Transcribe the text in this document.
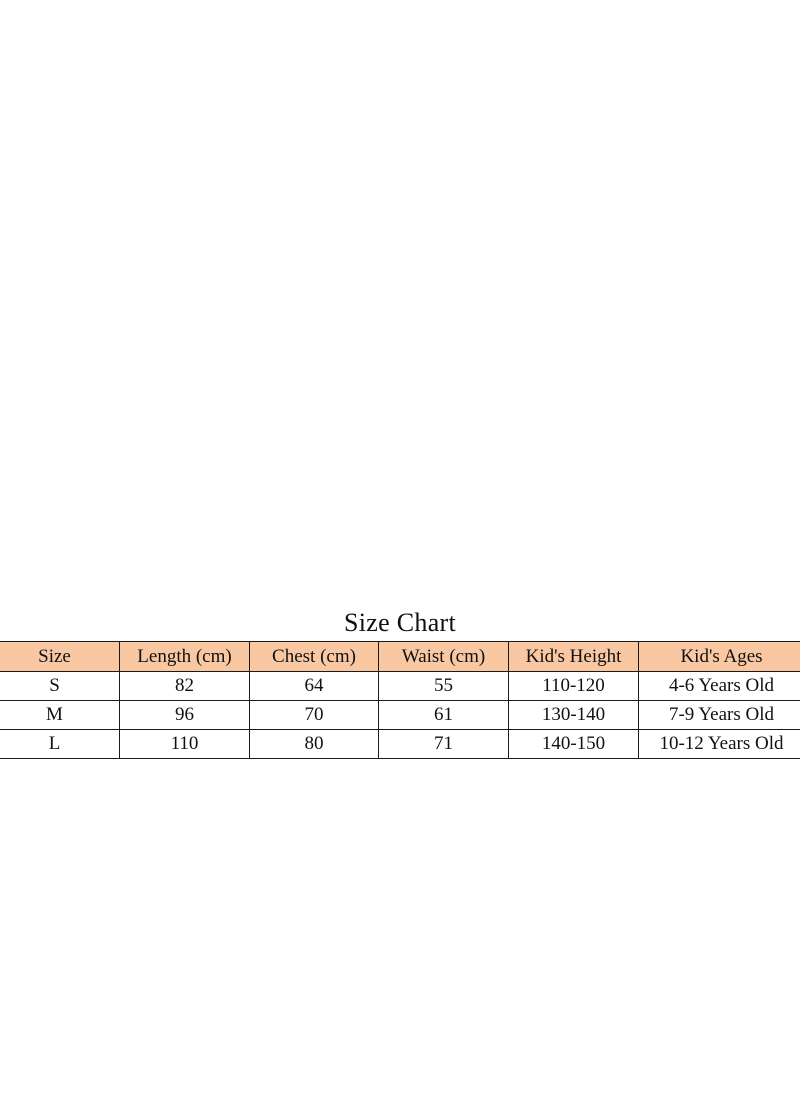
Size Chart
Size	Length (cm)	Chest (cm)	Waist (cm)	Kid's Height	Kid's Ages
S	82	64	55	110-120	4-6 Years Old
M	96	70	61	130-140	7-9 Years Old
L	110	80	71	140-150	10-12 Years Old
